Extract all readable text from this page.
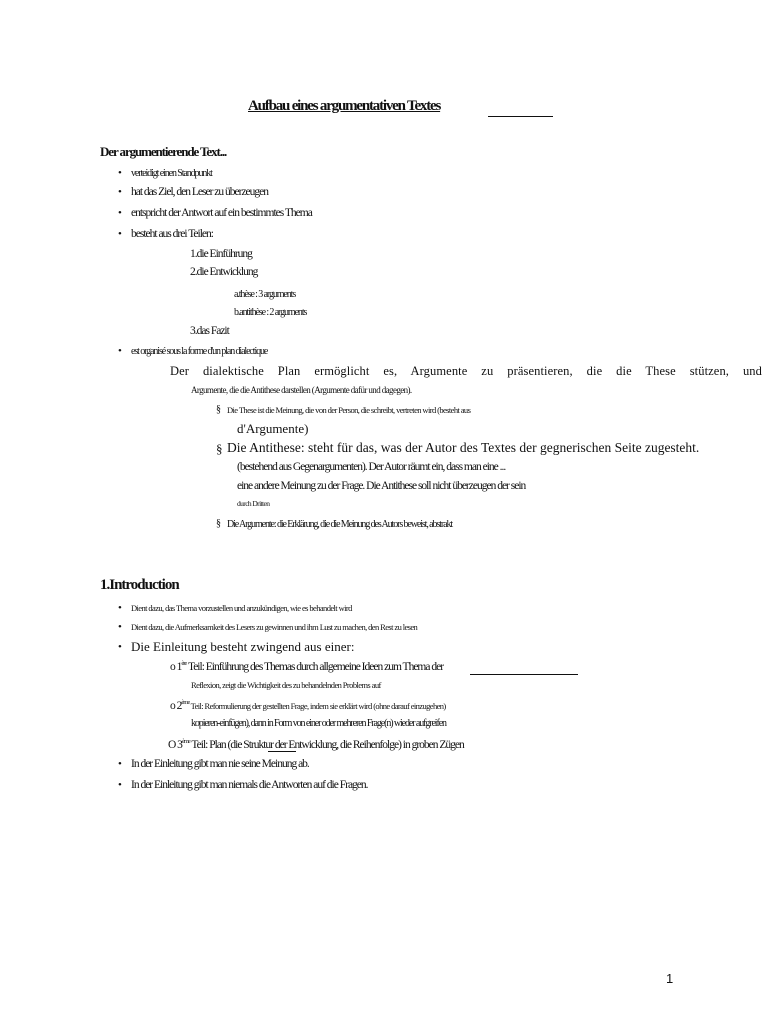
Aufbau eines argumentativen Textes
Der argumentierende Text...
• verteidigt einen Standpunkt
• hat das Ziel, den Leser zu überzeugen
• entspricht der Antwort auf ein bestimmtes Thema
• besteht aus drei Teilen:
1.die Einführung
2.die Entwicklung
a.thèse : 3 arguments
b.antithèse : 2 arguments
3.das Fazit
• est organisé sous la forme d'un plan dialectique
Der dialektische Plan ermöglicht es, Argumente zu präsentieren, die die These stützen, und
Argumente, die die Antithese darstellen (Argumente dafür und dagegen).
§ Die These ist die Meinung, die von der Person, die schreibt, vertreten wird (besteht aus
d'Argumente)
§ Die Antithese: steht für das, was der Autor des Textes der gegnerischen Seite zugesteht.
(bestehend aus Gegenargumenten). Der Autor räumt ein, dass man eine ...
eine andere Meinung zu der Frage. Die Antithese soll nicht überzeugen der sein
durch Dritten
§ Die Argumente: die Erklärung, die die Meinung des Autors beweist, abstrakt
1.Introduction
• Dient dazu, das Thema vorzustellen und anzukündigen, wie es behandelt wird
• Dient dazu, die Aufmerksamkeit des Lesers zu gewinnen und ihm Lust zu machen, den Rest zu lesen
• Die Einleitung besteht zwingend aus einer:
o 1ère Teil: Einführung des Themas durch allgemeine Ideen zum Thema der
Reflexion, zeigt die Wichtigkeit des zu behandelnden Problems auf
o 2ème Teil: Reformulierung der gestellten Frage, indem sie erklärt wird (ohne darauf einzugehen)
kopieren-einfügen), dann in Form von einer oder mehreren Frage(n) wieder aufgreifen
O 3ème Teil: Plan (die Struktur der Entwicklung, die Reihenfolge) in groben Zügen
• In der Einleitung gibt man nie seine Meinung ab.
• In der Einleitung gibt man niemals die Antworten auf die Fragen.
1
